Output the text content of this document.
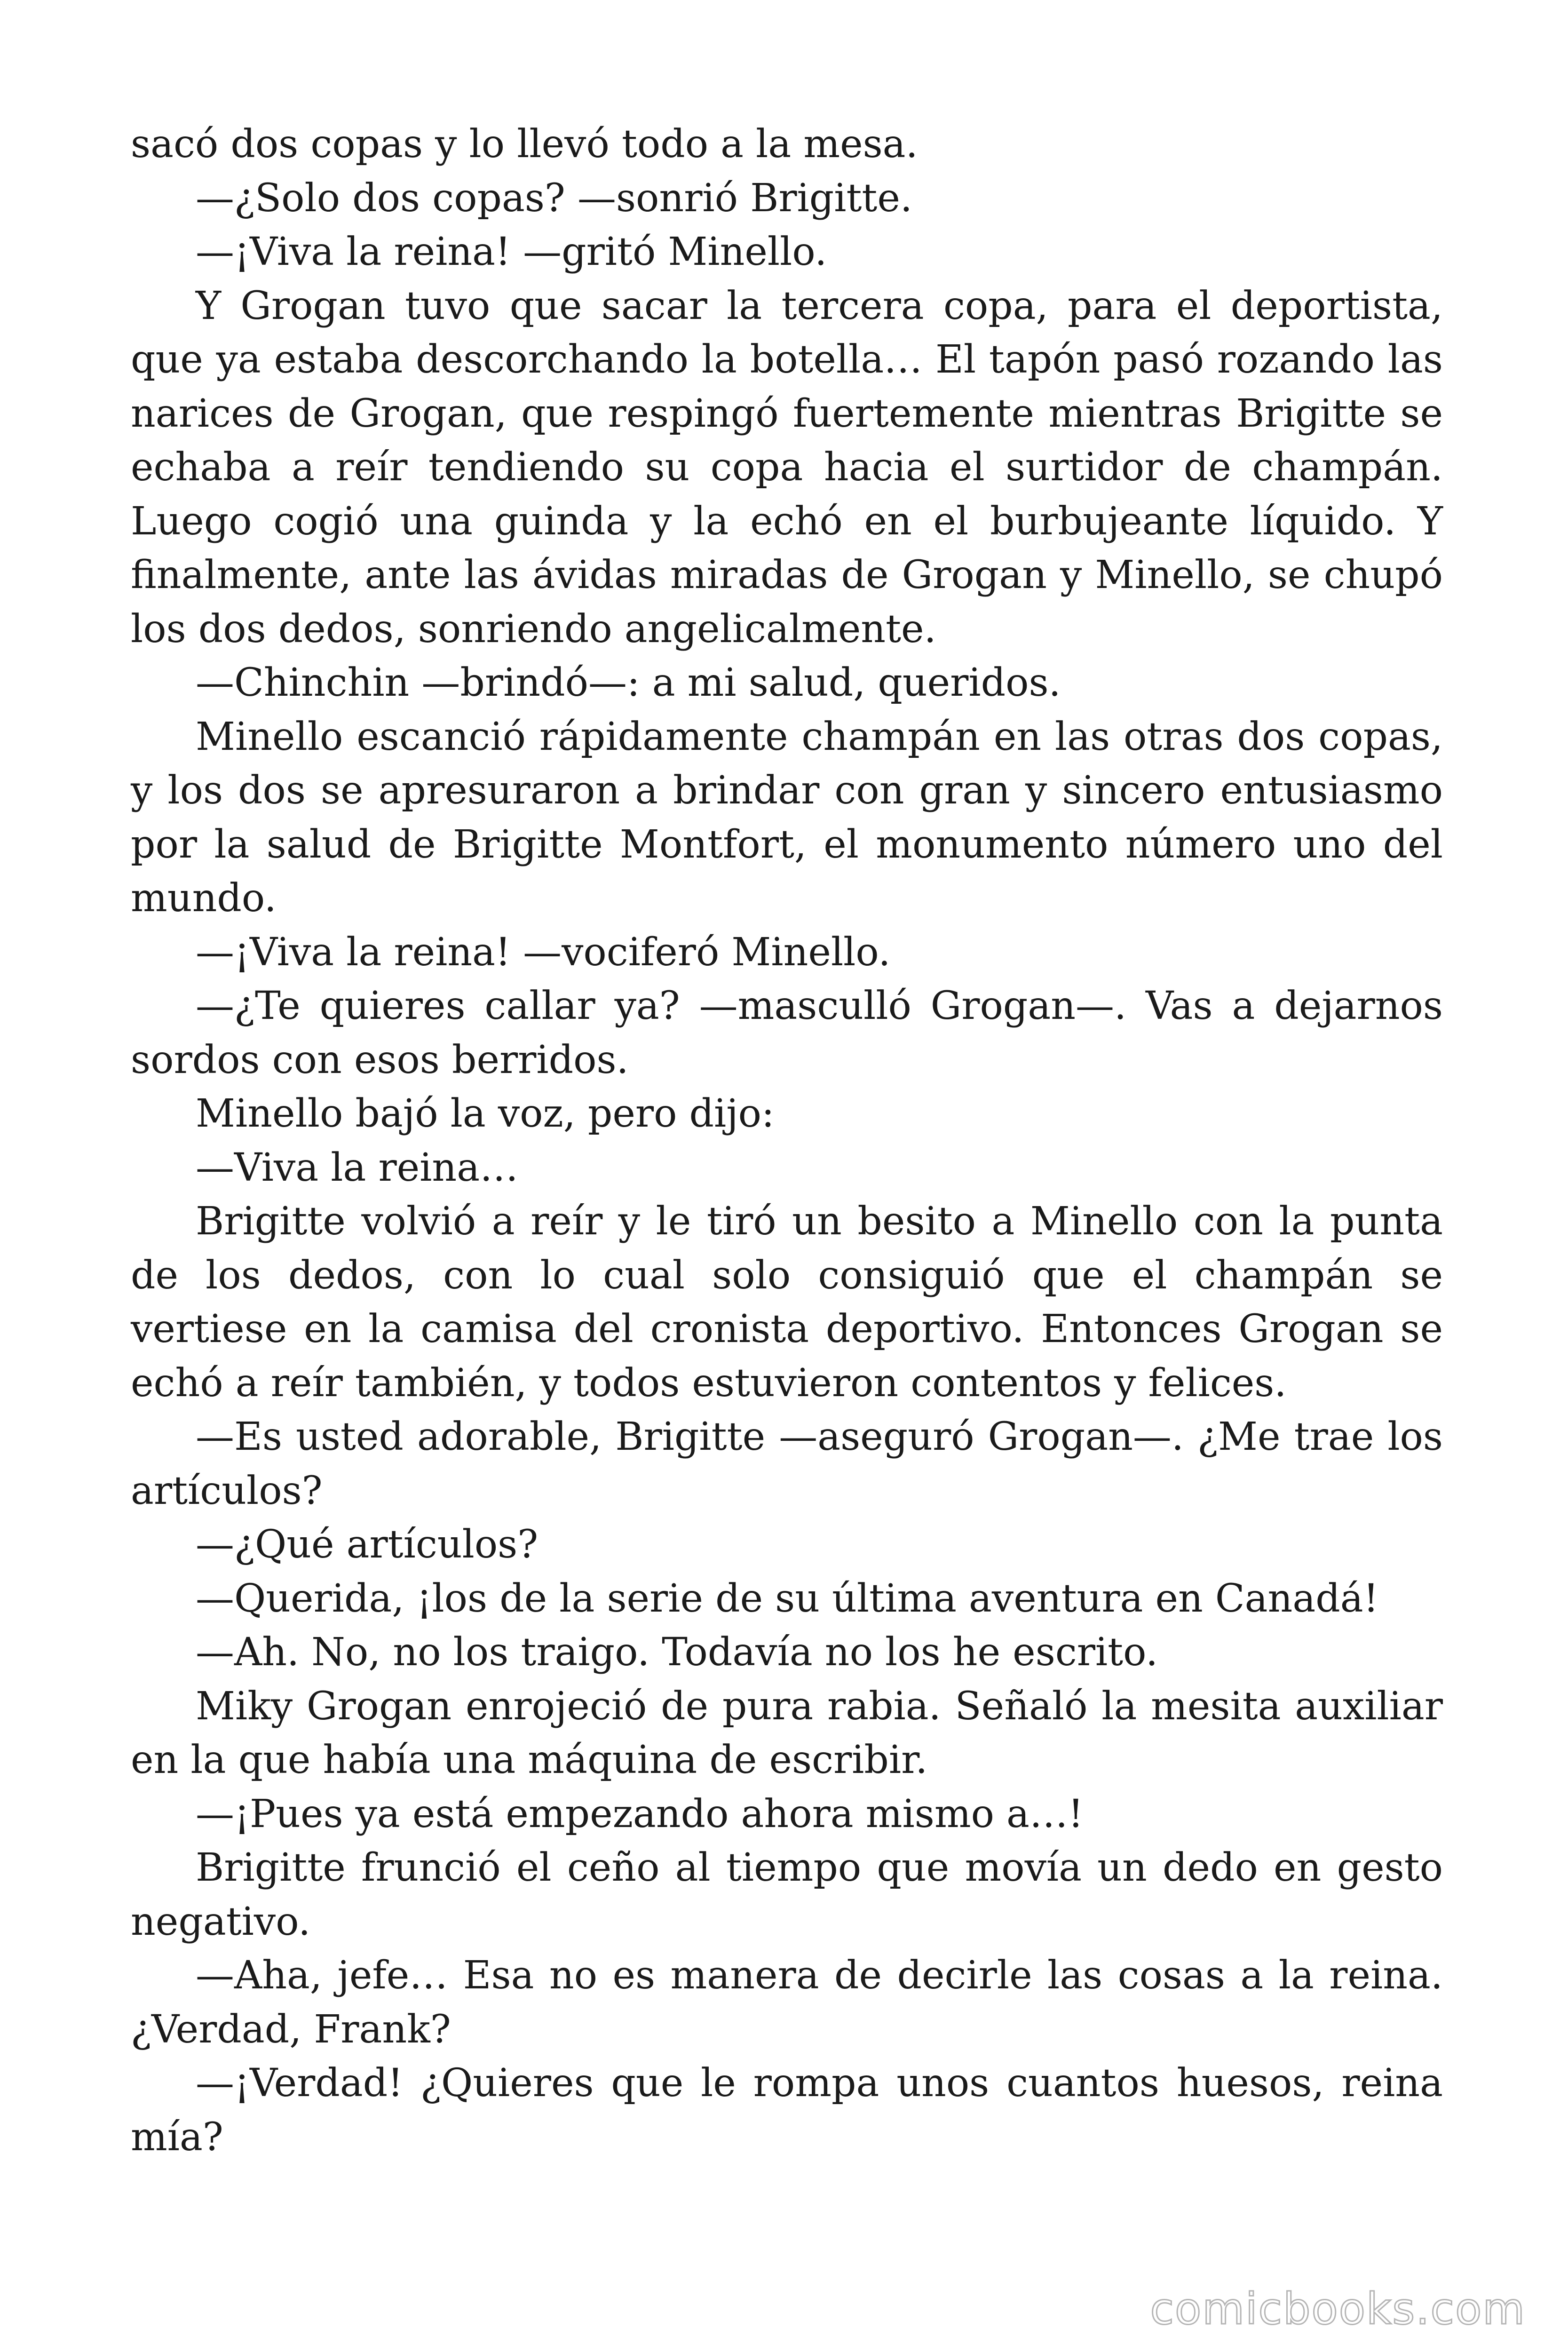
sacó dos copas y lo llevó todo a la mesa.

—¿Solo dos copas? —sonrió Brigitte.

—¡Viva la reina! —gritó Minello.

Y Grogan tuvo que sacar la tercera copa, para el deportista, que ya estaba descorchando la botella… El tapón pasó rozando las narices de Grogan, que respingó fuertemente mientras Brigitte se echaba a reír tendiendo su copa hacia el surtidor de champán. Luego cogió una guinda y la echó en el burbujeante líquido. Y finalmente, ante las ávidas miradas de Grogan y Minello, se chupó los dos dedos, sonriendo angelicalmente.

—Chinchin —brindó—: a mi salud, queridos.

Minello escanció rápidamente champán en las otras dos copas, y los dos se apresuraron a brindar con gran y sincero entusiasmo por la salud de Brigitte Montfort, el monumento número uno del mundo.

—¡Viva la reina! —vociferó Minello.

—¿Te quieres callar ya? —masculló Grogan—. Vas a dejarnos sordos con esos berridos.

Minello bajó la voz, pero dijo:

—Viva la reina…

Brigitte volvió a reír y le tiró un besito a Minello con la punta de los dedos, con lo cual solo consiguió que el champán se vertiese en la camisa del cronista deportivo. Entonces Grogan se echó a reír también, y todos estuvieron contentos y felices.

—Es usted adorable, Brigitte —aseguró Grogan—. ¿Me trae los artículos?

—¿Qué artículos?

—Querida, ¡los de la serie de su última aventura en Canadá!

—Ah. No, no los traigo. Todavía no los he escrito.

Miky Grogan enrojeció de pura rabia. Señaló la mesita auxiliar en la que había una máquina de escribir.

—¡Pues ya está empezando ahora mismo a…!

Brigitte frunció el ceño al tiempo que movía un dedo en gesto negativo.

—Aha, jefe… Esa no es manera de decirle las cosas a la reina. ¿Verdad, Frank?

—¡Verdad! ¿Quieres que le rompa unos cuantos huesos, reina mía?

comicbooks.com
